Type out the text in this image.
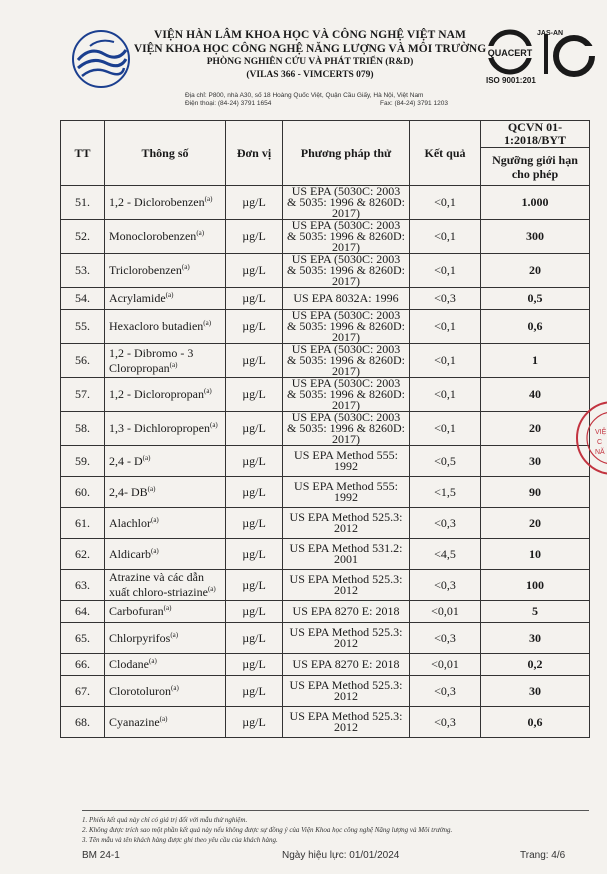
VIỆN HÀN LÂM KHOA HỌC VÀ CÔNG NGHỆ VIỆT NAM
VIỆN KHOA HỌC CÔNG NGHỆ NĂNG LƯỢNG VÀ MÔI TRƯỜNG
PHÒNG NGHIÊN CỨU VÀ PHÁT TRIỂN (R&D)
(VILAS 366 - VIMCERTS 079)
Địa chỉ: P800, nhà A30, số 18 Hoàng Quốc Việt, Quận Cầu Giấy, Hà Nội, Việt Nam
Điện thoại: (84-24) 3791 1654	Fax: (84-24) 3791 1203
QUACERT
JAS-AN
ISO 9001:201
TT	Thông số	Đơn vị	Phương pháp thử	Kết quả	QCVN 01-1:2018/BYT
					Ngưỡng giới hạn cho phép
51.	1,2 - Diclorobenzen$^{(a)}$	µg/L	US EPA (5030C: 2003 & 5035: 1996 & 8260D: 2017)	<0,1	1.000
52.	Monoclorobenzen$^{(a)}$	µg/L	US EPA (5030C: 2003 & 5035: 1996 & 8260D: 2017)	<0,1	300
53.	Triclorobenzen$^{(a)}$	µg/L	US EPA (5030C: 2003 & 5035: 1996 & 8260D: 2017)	<0,1	20
54.	Acrylamide$^{(a)}$	µg/L	US EPA 8032A: 1996	<0,3	0,5
55.	Hexacloro butadien$^{(a)}$	µg/L	US EPA (5030C: 2003 & 5035: 1996 & 8260D: 2017)	<0,1	0,6
56.	1,2 - Dibromo - 3 Cloropropan$^{(a)}$	µg/L	US EPA (5030C: 2003 & 5035: 1996 & 8260D: 2017)	<0,1	1
57.	1,2 - Dicloropropan$^{(a)}$	µg/L	US EPA (5030C: 2003 & 5035: 1996 & 8260D: 2017)	<0,1	40
58.	1,3 - Dichloropropen$^{(a)}$	µg/L	US EPA (5030C: 2003 & 5035: 1996 & 8260D: 2017)	<0,1	20
59.	$2,4 - D^{(a)}$	µg/L	US EPA Method 555: 1992	<0,5	30
60.	2,4- DB$^{(a)}$	µg/L	US EPA Method 555: 1992	<1,5	90
61.	Alachlor$^{(a)}$	µg/L	US EPA Method 525.3: 2012	<0,3	20
62.	Aldicarb$^{(a)}$	µg/L	US EPA Method 531.2: 2001	<4,5	10
63.	Atrazine và các dẫn xuất chloro-striazine$^{(a)}$	µg/L	US EPA Method 525.3: 2012	<0,3	100
64.	Carbofuran$^{(a)}$	µg/L	US EPA 8270 E: 2018	<0,01	5
65.	Chlorpyrifos$^{(a)}$	µg/L	US EPA Method 525.3: 2012	<0,3	30
66.	Clodane$^{(a)}$	µg/L	US EPA 8270 E: 2018	<0,01	0,2
67.	Clorotoluron$^{(a)}$	µg/L	US EPA Method 525.3: 2012	<0,3	30
68.	Cyanazine$^{(a)}$	µg/L	US EPA Method 525.3: 2012	<0,3	0,6
VIỆ
C
NĂ
1. Phiếu kết quả này chỉ có giá trị đối với mẫu thử nghiệm.
2. Không được trích sao một phần kết quả này nếu không được sự đồng ý của Viện Khoa học công nghệ Năng lượng và Môi trường.
3. Tên mẫu và tên khách hàng được ghi theo yêu cầu của khách hàng.
BM 24-1	Ngày hiệu lực: 01/01/2024	Trang: 4/6
